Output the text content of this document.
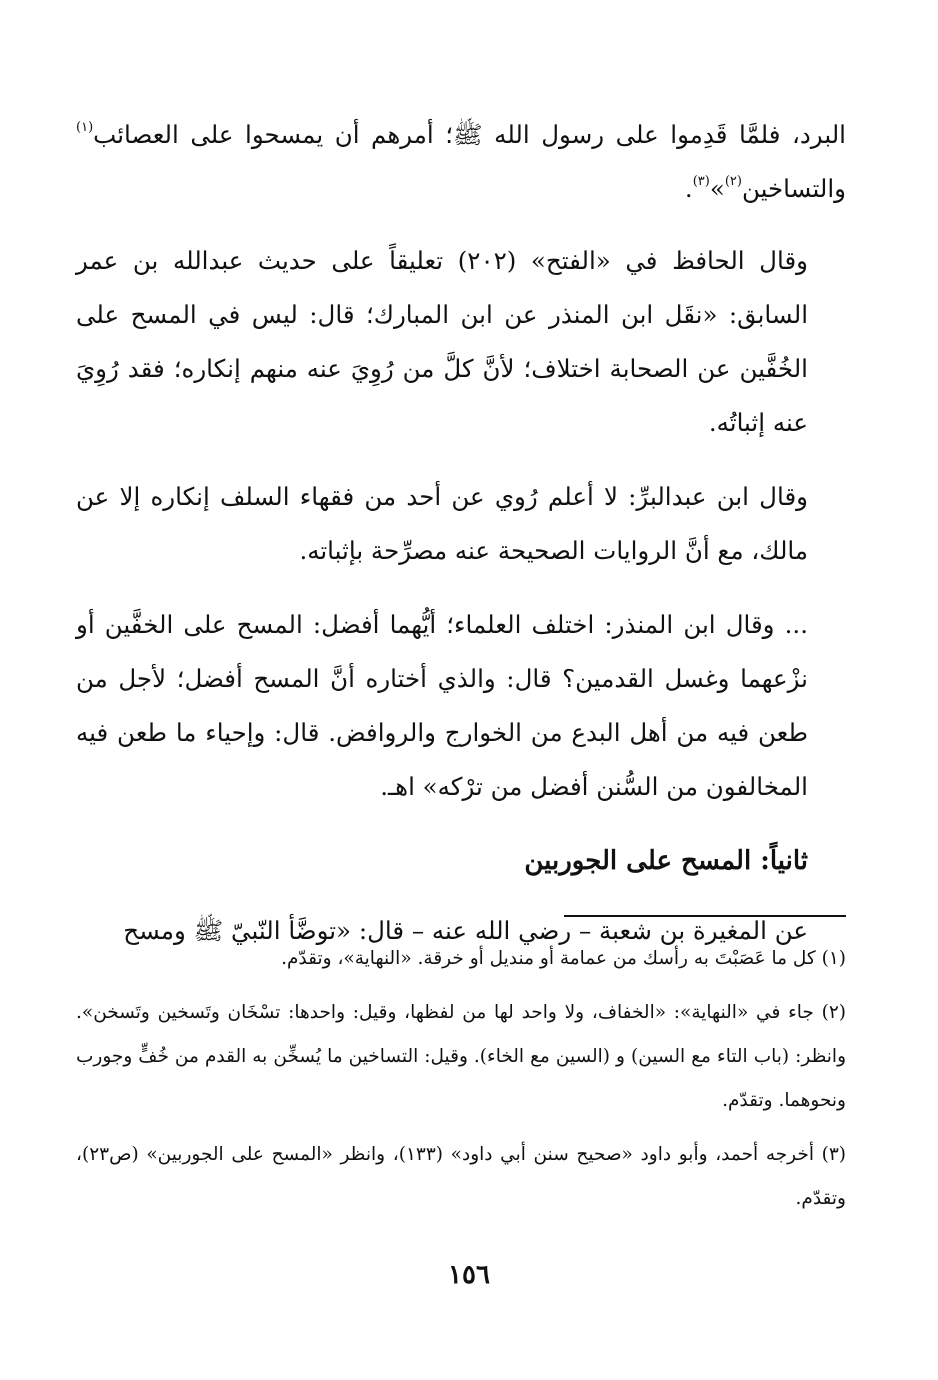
البرد، فلمَّا قَدِموا على رسول الله ﷺ؛ أمرهم أن يمسحوا على العصائب$^{(١)}$ والتساخين$^{(٢)}$»$^{(٣)}$.

وقال الحافظ في «الفتح» (٢٠٢) تعليقاً على حديث عبدالله بن عمر السابق: «نقَل ابن المنذر عن ابن المبارك؛ قال: ليس في المسح على الخُفَّين عن الصحابة اختلاف؛ لأنَّ كلَّ من رُوِيَ عنه منهم إنكاره؛ فقد رُوِيَ عنه إثباتُه.

وقال ابن عبدالبرِّ: لا أعلم رُوي عن أحد من فقهاء السلف إنكاره إلا عن مالك، مع أنَّ الروايات الصحيحة عنه مصرِّحة بإثباته.

... وقال ابن المنذر: اختلف العلماء؛ أيُّهما أفضل: المسح على الخفَّين أو نزْعهما وغسل القدمين؟ قال: والذي أختاره أنَّ المسح أفضل؛ لأجل من طعن فيه من أهل البدع من الخوارج والروافض. قال: وإحياء ما طعن فيه المخالفون من السُّنن أفضل من ترْكه» اهـ.

ثانياً: المسح على الجوربين

عن المغيرة بن شعبة – رضي الله عنه – قال: «توضَّأ النّبيّ ﷺ ومسح

(١) كل ما عَصَبْتَ به رأسك من عمامة أو منديل أو خرقة. «النهاية»، وتقدّم.

(٢) جاء في «النهاية»: «الخفاف، ولا واحد لها من لفظها، وقيل: واحدها: تسْخَان وتَسخين وتَسخن». وانظر: (باب التاء مع السين) و (السين مع الخاء). وقيل: التساخين ما يُسخِّن به القدم من خُفٍّ وجورب ونحوهما. وتقدّم.

(٣) أخرجه أحمد، وأبو داود «صحيح سنن أبي داود» (١٣٣)، وانظر «المسح على الجوربين» (ص٢٣)، وتقدّم.

١٥٦
